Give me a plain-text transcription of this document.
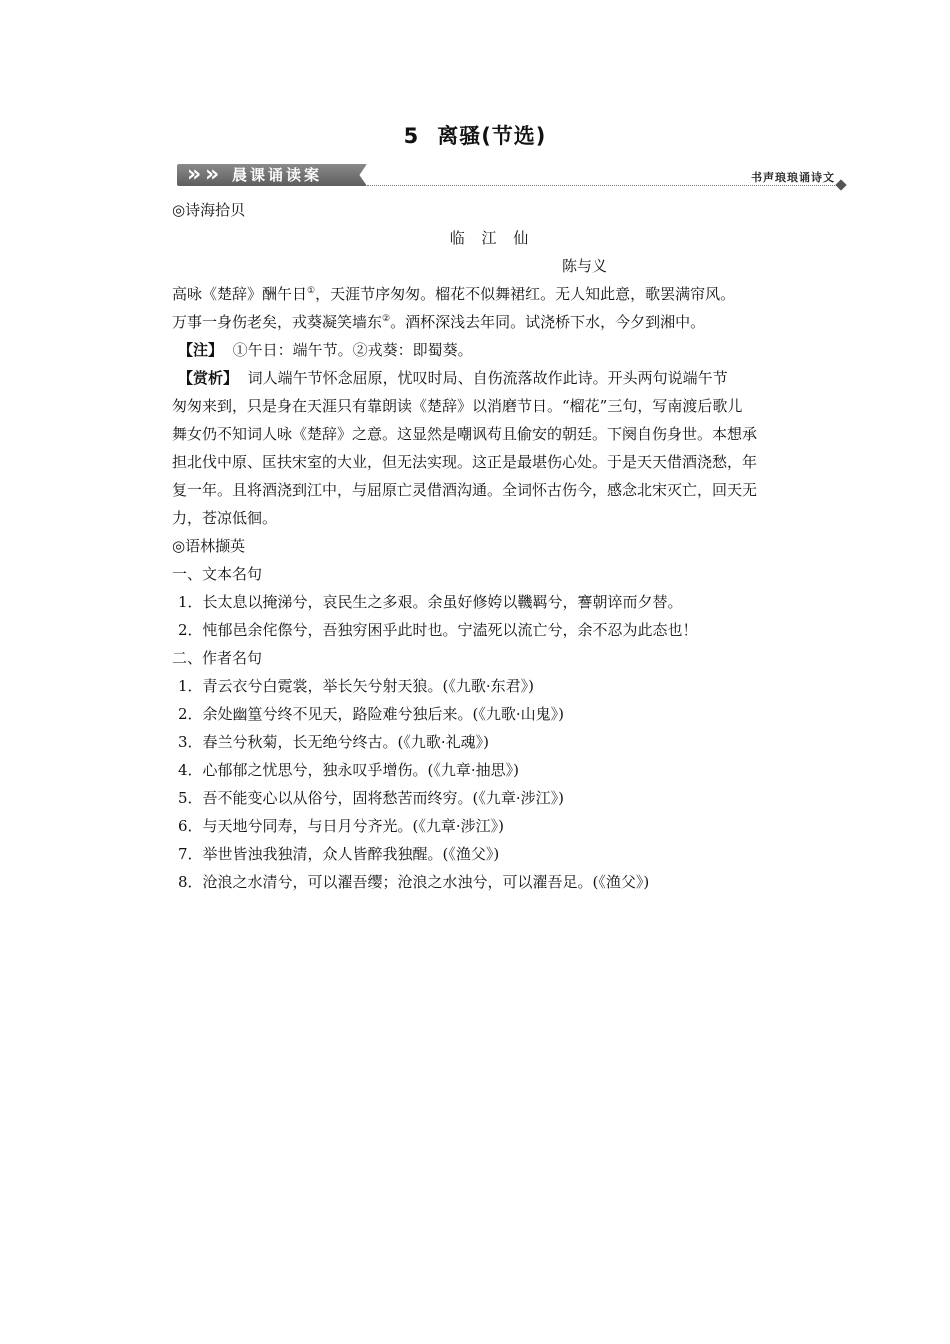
5 离骚(节选)
» » 晨课诵读案	书声琅琅诵诗文
◎诗海拾贝
临 江 仙
陈与义
高咏《楚辞》酬午日①，天涯节序匆匆。榴花不似舞裙红。无人知此意，歌罢满帘风。
万事一身伤老矣，戎葵凝笑墙东②。酒杯深浅去年同。试浇桥下水，今夕到湘中。
【注】 ①午日：端午节。②戎葵：即蜀葵。
【赏析】 词人端午节怀念屈原，忧叹时局、自伤流落故作此诗。开头两句说端午节
匆匆来到，只是身在天涯只有靠朗读《楚辞》以消磨节日。“榴花”三句，写南渡后歌儿
舞女仍不知词人咏《楚辞》之意。这显然是嘲讽苟且偷安的朝廷。下阕自伤身世。本想承
担北伐中原、匡扶宋室的大业，但无法实现。这正是最堪伤心处。于是天天借酒浇愁，年
复一年。且将酒浇到江中，与屈原亡灵借酒沟通。全词怀古伤今，感念北宋灭亡，回天无
力，苍凉低徊。
◎语林撷英
一、文本名句
1．长太息以掩涕兮，哀民生之多艰。余虽好修姱以鞿羁兮，謇朝谇而夕替。
2．忳郁邑余侘傺兮，吾独穷困乎此时也。宁溘死以流亡兮，余不忍为此态也！
二、作者名句
1．青云衣兮白霓裳，举长矢兮射天狼。(《九歌·东君》)
2．余处幽篁兮终不见天，路险难兮独后来。(《九歌·山鬼》)
3．春兰兮秋菊，长无绝兮终古。(《九歌·礼魂》)
4．心郁郁之忧思兮，独永叹乎增伤。(《九章·抽思》)
5．吾不能变心以从俗兮，固将愁苦而终穷。(《九章·涉江》)
6．与天地兮同寿，与日月兮齐光。(《九章·涉江》)
7．举世皆浊我独清，众人皆醉我独醒。(《渔父》)
8．沧浪之水清兮，可以濯吾缨；沧浪之水浊兮，可以濯吾足。(《渔父》)
